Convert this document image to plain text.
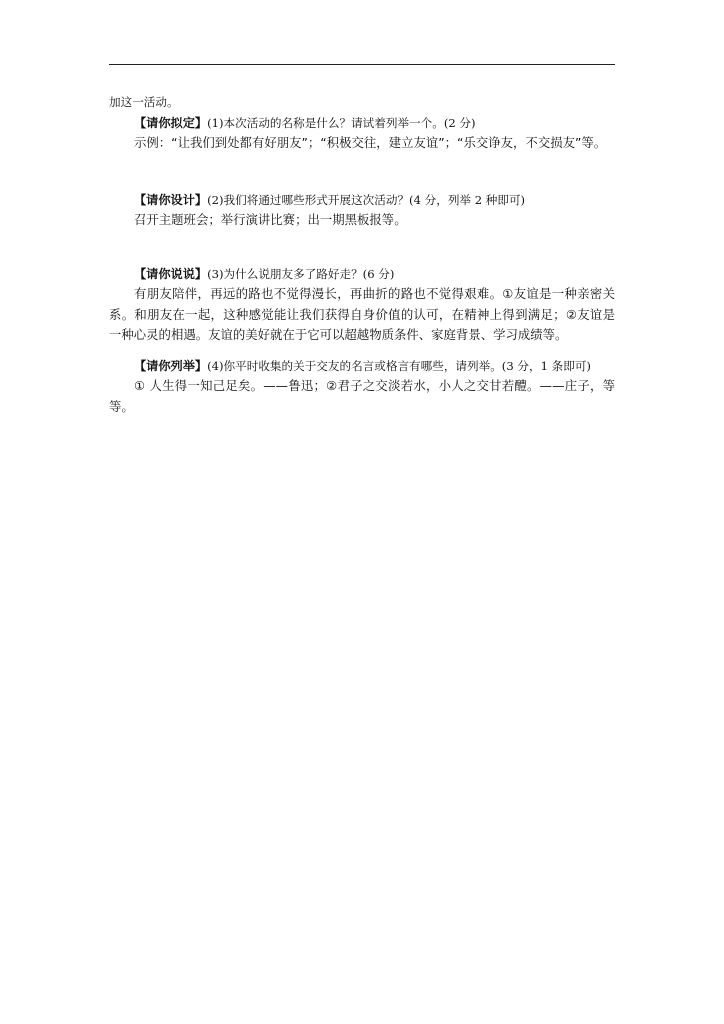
加这一活动。

【请你拟定】(1)本次活动的名称是什么？请试着列举一个。(2 分)

示例：“让我们到处都有好朋友”；“积极交往，建立友谊”；“乐交诤友，不交损友”等。

【请你设计】(2)我们将通过哪些形式开展这次活动？(4 分，列举 2 种即可)

召开主题班会；举行演讲比赛；出一期黑板报等。

【请你说说】(3)为什么说朋友多了路好走？(6 分)

有朋友陪伴，再远的路也不觉得漫长，再曲折的路也不觉得艰难。①友谊是一种亲密关系。和朋友在一起，这种感觉能让我们获得自身价值的认可，在精神上得到满足；②友谊是一种心灵的相遇。友谊的美好就在于它可以超越物质条件、家庭背景、学习成绩等。

【请你列举】(4)你平时收集的关于交友的名言或格言有哪些，请列举。(3 分，1 条即可)

① 人生得一知己足矣。——鲁迅；②君子之交淡若水，小人之交甘若醴。——庄子，等等。
